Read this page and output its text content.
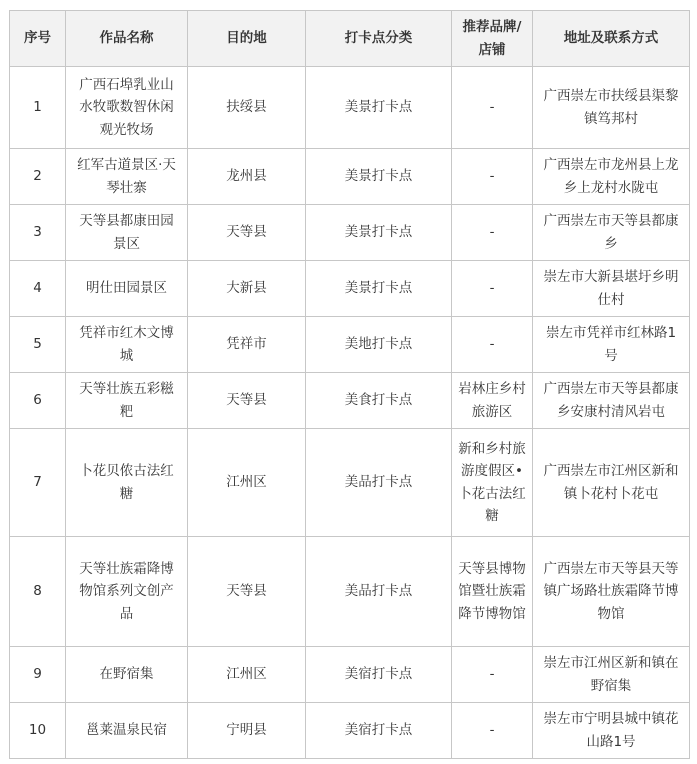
序号	作品名称	目的地	打卡点分类	推荐品牌/店铺	地址及联系方式
1	广西石埠乳业山水牧歌数智休闲观光牧场	扶绥县	美景打卡点	-	广西崇左市扶绥县渠黎镇笃邦村
2	红军古道景区·天琴壮寨	龙州县	美景打卡点	-	广西崇左市龙州县上龙乡上龙村水陇屯
3	天等县都康田园景区	天等县	美景打卡点	-	广西崇左市天等县都康乡
4	明仕田园景区	大新县	美景打卡点	-	崇左市大新县堪圩乡明仕村
5	凭祥市红木文博城	凭祥市	美地打卡点	-	崇左市凭祥市红林路1号
6	天等壮族五彩糍粑	天等县	美食打卡点	岩林庄乡村旅游区	广西崇左市天等县都康乡安康村清风岩屯
7	卜花贝侬古法红糖	江州区	美品打卡点	新和乡村旅游度假区•卜花古法红糖	广西崇左市江州区新和镇卜花村卜花屯
8	天等壮族霜降博物馆系列文创产品	天等县	美品打卡点	天等县博物馆暨壮族霜降节博物馆	广西崇左市天等县天等镇广场路壮族霜降节博物馆
9	在野宿集	江州区	美宿打卡点	-	崇左市江州区新和镇在野宿集
10	邕莱温泉民宿	宁明县	美宿打卡点	-	崇左市宁明县城中镇花山路1号
